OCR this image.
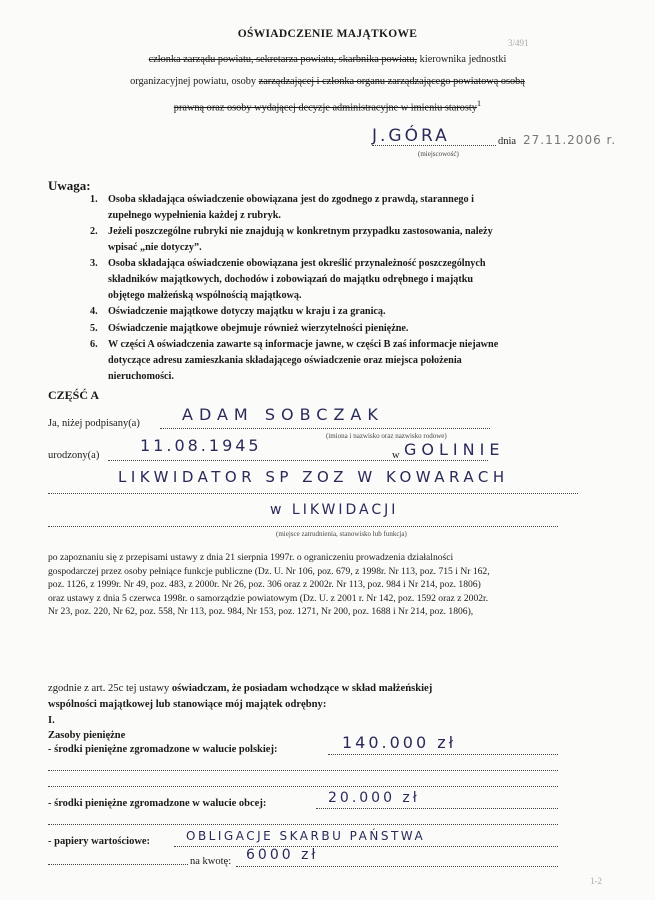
3/491
OŚWIADCZENIE MAJĄTKOWE
członka zarządu powiatu, sekretarza powiatu, skarbnika powiatu, kierownika jednostki
organizacyjnej powiatu, osoby zarządzającej i członka organu zarządzającego powiatową osobą
prawną oraz osoby wydającej decyzje administracyjne w imieniu starosty$^1$
J.GÓRA	dnia 27.11.2006 r.
(miejscowość)
Uwaga:
1. Osoba składająca oświadczenie obowiązana jest do zgodnego z prawdą, starannego i
zupełnego wypełnienia każdej z rubryk.
2. Jeżeli poszczególne rubryki nie znajdują w konkretnym przypadku zastosowania, należy
wpisać „nie dotyczy”.
3. Osoba składająca oświadczenie obowiązana jest określić przynależność poszczególnych
składników majątkowych, dochodów i zobowiązań do majątku odrębnego i majątku
objętego małżeńską wspólnością majątkową.
4. Oświadczenie majątkowe dotyczy majątku w kraju i za granicą.
5. Oświadczenie majątkowe obejmuje również wierzytelności pieniężne.
6. W części A oświadczenia zawarte są informacje jawne, w części B zaś informacje niejawne
dotyczące adresu zamieszkania składającego oświadczenie oraz miejsca położenia
nieruchomości.
CZĘŚĆ A
Ja, niżej podpisany(a)	ADAM SOBCZAK
(imiona i nazwisko oraz nazwisko rodowe)
urodzony(a)
11.08.1945
w GOLINIE
LIKWIDATOR SP ZOZ W KOWARACH
w LIKWIDACJI
(miejsce zatrudnienia, stanowisko lub funkcja)
po zapoznaniu się z przepisami ustawy z dnia 21 sierpnia 1997r. o ograniczeniu prowadzenia działalności
gospodarczej przez osoby pełniące funkcje publiczne (Dz. U. Nr 106, poz. 679, z 1998r. Nr 113, poz. 715 i Nr 162,
poz. 1126, z 1999r. Nr 49, poz. 483, z 2000r. Nr 26, poz. 306 oraz z 2002r. Nr 113, poz. 984 i Nr 214, poz. 1806)
oraz ustawy z dnia 5 czerwca 1998r. o samorządzie powiatowym (Dz. U. z 2001 r. Nr 142, poz. 1592 oraz z 2002r.
Nr 23, poz. 220, Nr 62, poz. 558, Nr 113, poz. 984, Nr 153, poz. 1271, Nr 200, poz. 1688 i Nr 214, poz. 1806),
zgodnie z art. 25c tej ustawy oświadczam, że posiadam wchodzące w skład małżeńskiej
wspólności majątkowej lub stanowiące mój majątek odrębny:
I.
Zasoby pieniężne
- środki pieniężne zgromadzone w walucie polskiej:	140.000 zł
- środki pieniężne zgromadzone w walucie obcej:	20.000 zł
- papiery wartościowe:	OBLIGACJE SKARBU PAŃSTWA
na kwotę: 6000 zł
1-2
